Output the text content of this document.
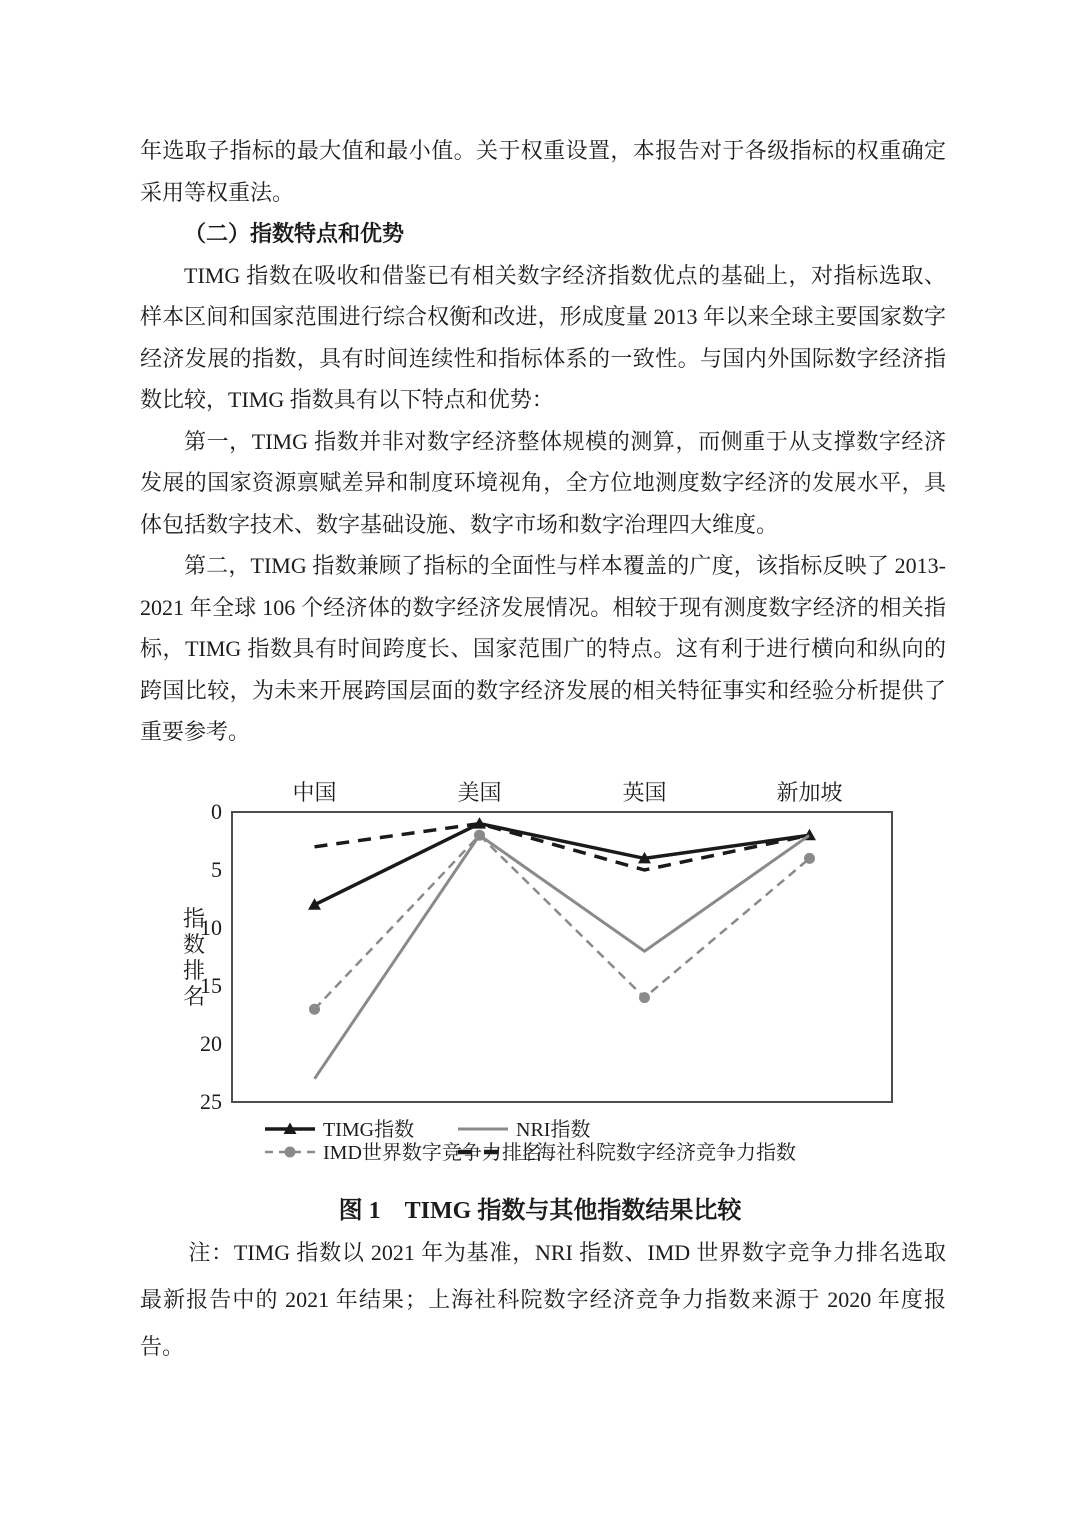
年选取子指标的最大值和最小值。关于权重设置，本报告对于各级指标的权重确定采用等权重法。

（二）指数特点和优势

TIMG 指数在吸收和借鉴已有相关数字经济指数优点的基础上，对指标选取、样本区间和国家范围进行综合权衡和改进，形成度量 2013 年以来全球主要国家数字经济发展的指数，具有时间连续性和指标体系的一致性。与国内外国际数字经济指数比较，TIMG 指数具有以下特点和优势：

第一，TIMG 指数并非对数字经济整体规模的测算，而侧重于从支撑数字经济发展的国家资源禀赋差异和制度环境视角，全方位地测度数字经济的发展水平，具体包括数字技术、数字基础设施、数字市场和数字治理四大维度。

第二，TIMG 指数兼顾了指标的全面性与样本覆盖的广度，该指标反映了 2013-2021 年全球 106 个经济体的数字经济发展情况。相较于现有测度数字经济的相关指标，TIMG 指数具有时间跨度长、国家范围广的特点。这有利于进行横向和纵向的跨国比较，为未来开展跨国层面的数字经济发展的相关特征事实和经验分析提供了重要参考。

中国	美国	英国	新加坡
0
5
10
15
20
25
指
数
排
名
TIMG指数	NRI指数
IMD世界数字竞争力排名
上海社科院数字经济竞争力指数
图 1　TIMG 指数与其他指数结果比较
注：TIMG 指数以 2021 年为基准，NRI 指数、IMD 世界数字竞争力排名选取最新报告中的 2021 年结果；上海社科院数字经济竞争力指数来源于 2020 年度报告。
